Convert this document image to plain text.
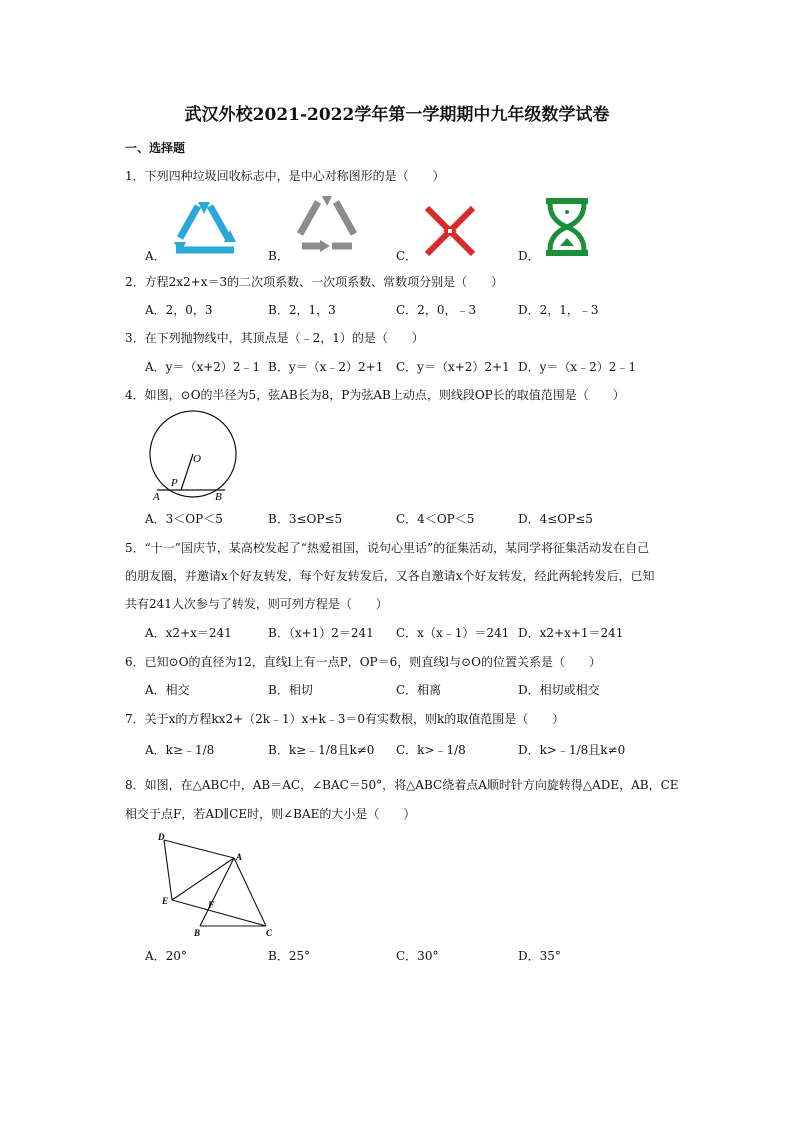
武汉外校2021-2022学年第一学期期中九年级数学试卷
一、选择题
1．下列四种垃圾回收标志中，是中心对称图形的是（　　）
A．	B．	C．	D．
2．方程2x2+x＝3的二次项系数、一次项系数、常数项分别是（　　）
A．2，0，3	B．2，1，3	C．2，0，﹣3	D．2，1，﹣3
3．在下列抛物线中，其顶点是（﹣2，1）的是（　　）
A．y＝（x+2）2﹣1 B．y＝（x﹣2）2+1 C．y＝（x+2）2+1 D．y＝（x﹣2）2﹣1
4．如图，⊙O的半径为5，弦AB长为8，P为弦AB上动点，则线段OP长的取值范围是（　　）
O
P
A	B
A．3＜OP＜5	B．3≤OP≤5	C．4＜OP＜5	D．4≤OP≤5
5．“十一”国庆节，某高校发起了“热爱祖国，说句心里话”的征集活动，某同学将征集活动发在自己
的朋友圈，并邀请x个好友转发，每个好友转发后，又各自邀请x个好友转发，经此两轮转发后，已知
共有241人次参与了转发，则可列方程是（　　）
A．x2+x＝241	B．（x+1）2＝241 C．x（x﹣1）＝241 D．x2+x+1＝241
6．已知⊙O的直径为12，直线l上有一点P，OP＝6，则直线l与⊙O的位置关系是（　　）
A．相交	B．相切	C．相离	D．相切或相交
7．关于x的方程kx2+（2k﹣1）x+k﹣3＝0有实数根，则k的取值范围是（　　）
A．k≥﹣1/8	B．k≥﹣1/8且k≠0 C．k>﹣1/8	D．k>﹣1/8且k≠0
8．如图，在△ABC中，AB＝AC，∠BAC＝50°，将△ABC绕着点A顺时针方向旋转得△ADE，AB，CE
相交于点F，若AD∥CE时，则∠BAE的大小是（　　）
D
A
E	F
B	C
A．20°	B．25°	C．30°	D．35°
